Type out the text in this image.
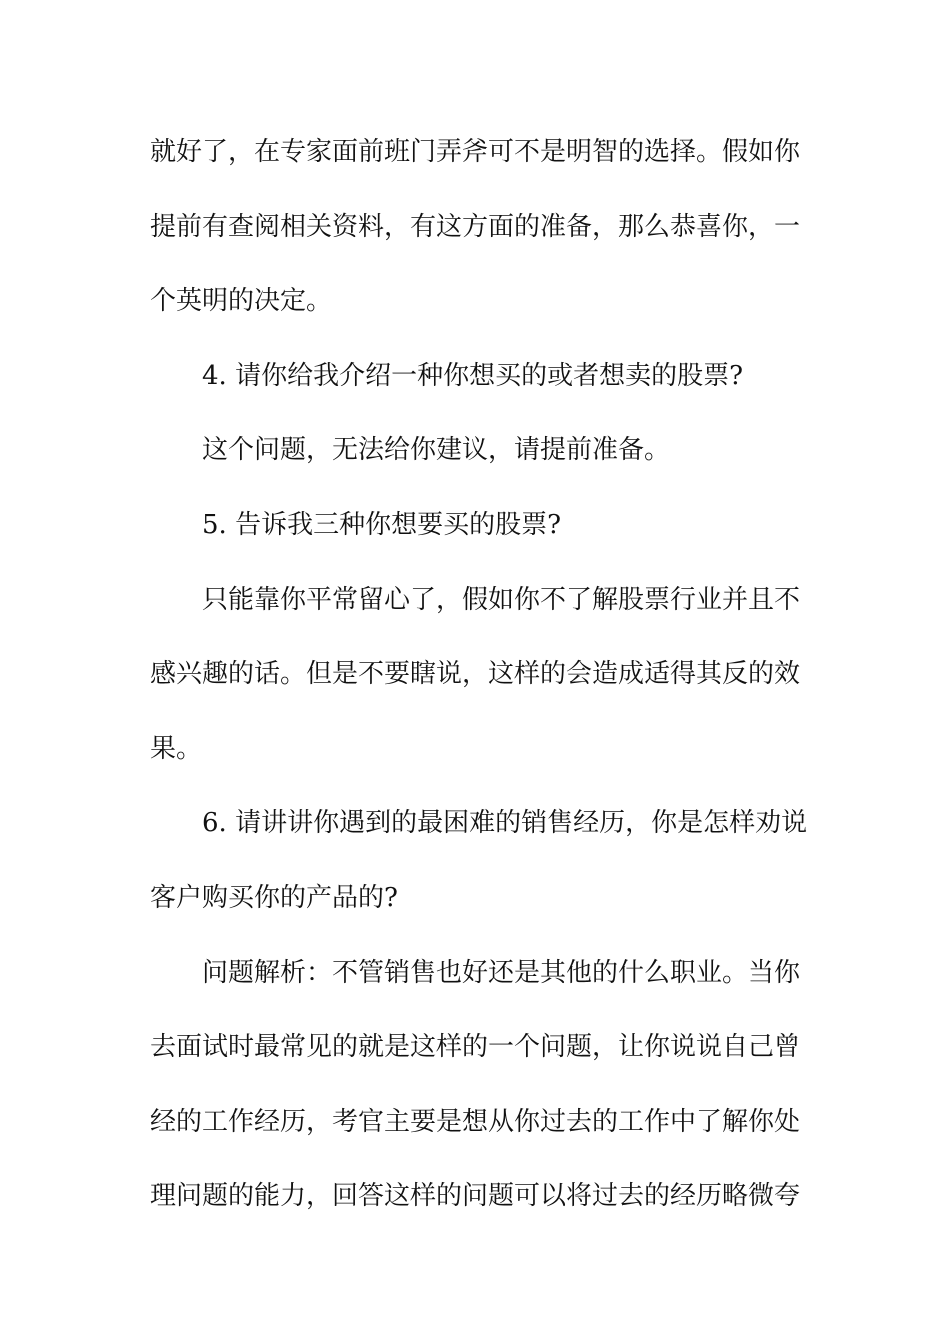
就好了，在专家面前班门弄斧可不是明智的选择。假如你
提前有查阅相关资料，有这方面的准备，那么恭喜你，一
个英明的决定。
4. 请你给我介绍一种你想买的或者想卖的股票?
这个问题，无法给你建议，请提前准备。
5. 告诉我三种你想要买的股票?
只能靠你平常留心了，假如你不了解股票行业并且不
感兴趣的话。但是不要瞎说，这样的会造成适得其反的效
果。
6. 请讲讲你遇到的最困难的销售经历，你是怎样劝说
客户购买你的产品的?
问题解析：不管销售也好还是其他的什么职业。当你
去面试时最常见的就是这样的一个问题，让你说说自己曾
经的工作经历，考官主要是想从你过去的工作中了解你处
理问题的能力，回答这样的问题可以将过去的经历略微夸
